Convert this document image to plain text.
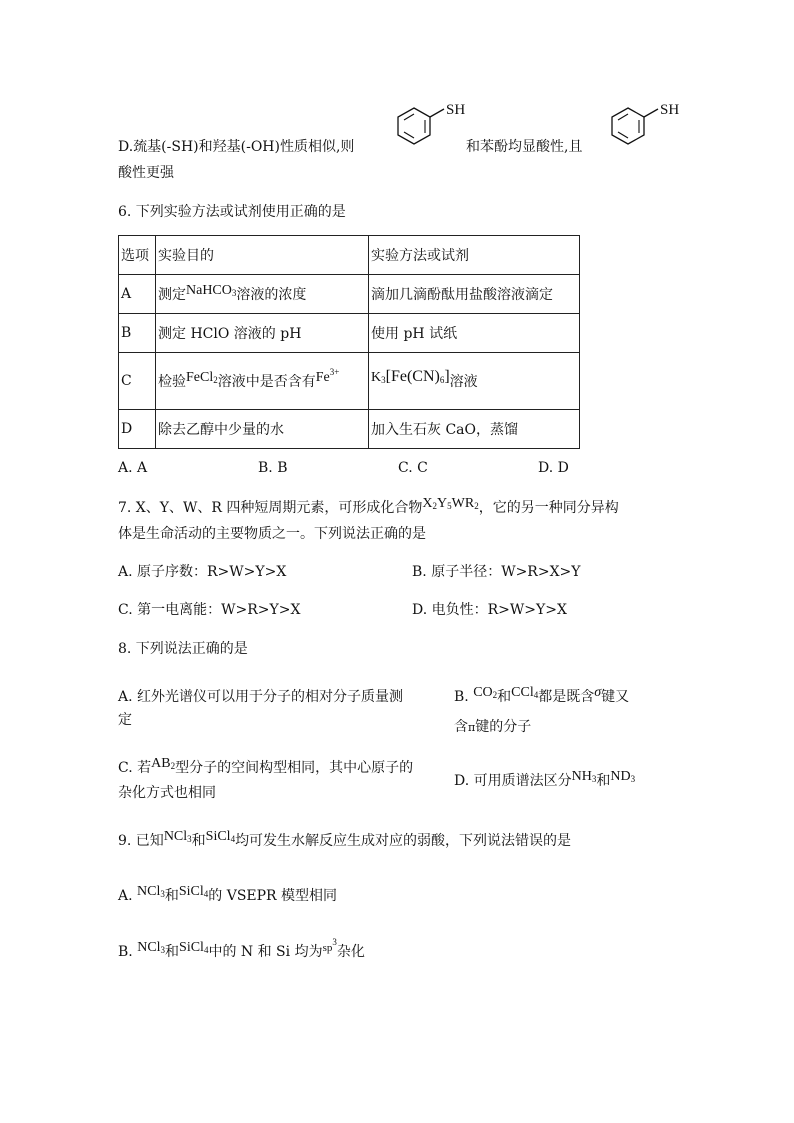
SH	SH
D.巯基(-SH)和羟基(-OH)性质相似,则	和苯酚均显酸性,且
酸性更强
6. 下列实验方法或试剂使用正确的是
选项	实验目的	实验方法或试剂
A	测定NaHCO$_3$溶液的浓度	滴加几滴酚酞用盐酸溶液滴定
B	测定 HClO 溶液的 pH	使用 pH 试纸
C	检验FeCl$_2$溶液中是否含有$Fe^{3+}$	$K_3[Fe(CN)_6]$溶液
D	除去乙醇中少量的水	加入生石灰 CaO，蒸馏
A. A	B. B	C. C	D. D
7. X、Y、W、R 四种短周期元素，可形成化合物$X_2Y_5WR_2$，它的另一种同分异构
体是生命活动的主要物质之一。下列说法正确的是
A. 原子序数：R>W>Y>X	B. 原子半径：W>R>X>Y
C. 第一电离能：W>R>Y>X	D. 电负性：R>W>Y>X
8. 下列说法正确的是
A. 红外光谱仪可以用于分子的相对分子质量测
定
B. $CO_2$和CCl$_4$都是既含σ键又
含π键的分子
C. 若$AB_2$型分子的空间构型相同，其中心原子的
杂化方式也相同
D. 可用质谱法区分$NH_3$和$ND_3$
9. 已知NCl$_3$和SiCl$_4$均可发生水解反应生成对应的弱酸，下列说法错误的是
A. NCl$_3$和SiCl$_4$的 VSEPR 模型相同
B. NCl$_3$和SiCl$_4$中的 N 和 Si 均为$^{sp^3}$杂化
